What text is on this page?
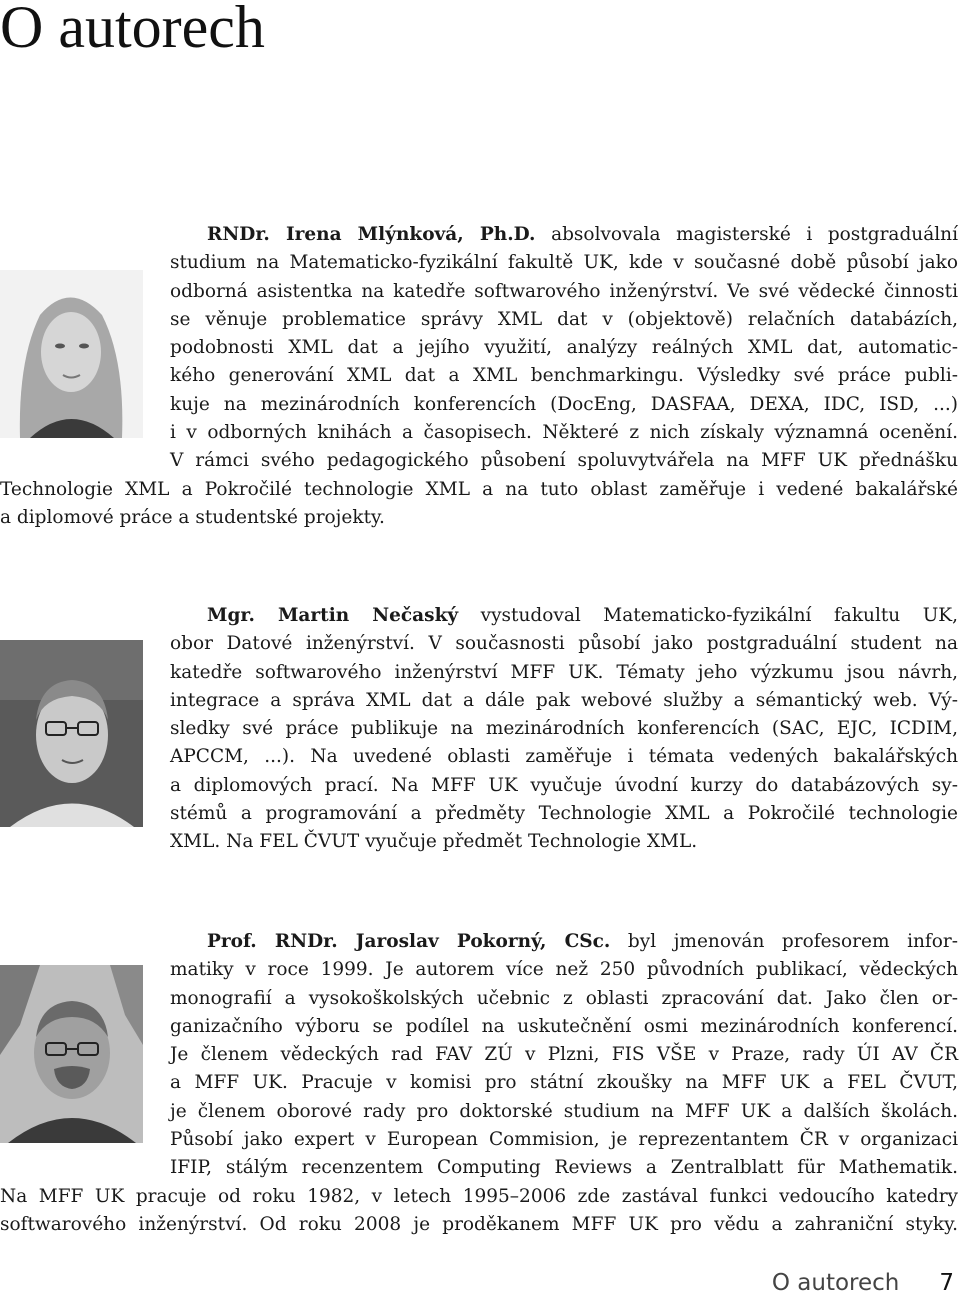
O autorech
RNDr. Irena Mlýnková, Ph.D. absolvovala magisterské i postgraduální
studium na Matematicko-fyzikální fakultě UK, kde v současné době působí jako
odborná asistentka na katedře softwarového inženýrství. Ve své vědecké činnosti
se věnuje problematice správy XML dat v (objektově) relačních databázích,
podobnosti XML dat a jejího využití, analýzy reálných XML dat, automatic-
kého generování XML dat a XML benchmarkingu. Výsledky své práce publi-
kuje na mezinárodních konferencích (DocEng, DASFAA, DEXA, IDC, ISD, ...)
i v odborných knihách a časopisech. Některé z nich získaly významná ocenění.
V rámci svého pedagogického působení spoluvytvářela na MFF UK přednášku
Technologie XML a Pokročilé technologie XML a na tuto oblast zaměřuje i vedené bakalářské
a diplomové práce a studentské projekty.
Mgr. Martin Nečaský vystudoval Matematicko-fyzikální fakultu UK,
obor Datové inženýrství. V současnosti působí jako postgraduální student na
katedře softwarového inženýrství MFF UK. Tématy jeho výzkumu jsou návrh,
integrace a správa XML dat a dále pak webové služby a sémantický web. Vý-
sledky své práce publikuje na mezinárodních konferencích (SAC, EJC, ICDIM,
APCCM, ...). Na uvedené oblasti zaměřuje i témata vedených bakalářských
a diplomových prací. Na MFF UK vyučuje úvodní kurzy do databázových sy-
stémů a programování a předměty Technologie XML a Pokročilé technologie
XML. Na FEL ČVUT vyučuje předmět Technologie XML.
Prof. RNDr. Jaroslav Pokorný, CSc. byl jmenován profesorem infor-
matiky v roce 1999. Je autorem více než 250 původních publikací, vědeckých
monografií a vysokoškolských učebnic z oblasti zpracování dat. Jako člen or-
ganizačního výboru se podílel na uskutečnění osmi mezinárodních konferencí.
Je členem vědeckých rad FAV ZÚ v Plzni, FIS VŠE v Praze, rady ÚI AV ČR
a MFF UK. Pracuje v komisi pro státní zkoušky na MFF UK a FEL ČVUT,
je členem oborové rady pro doktorské studium na MFF UK a dalších školách.
Působí jako expert v European Commision, je reprezentantem ČR v organizaci
IFIP, stálým recenzentem Computing Reviews a Zentralblatt für Mathematik.
Na MFF UK pracuje od roku 1982, v letech 1995–2006 zde zastával funkci vedoucího katedry
softwarového inženýrství. Od roku 2008 je proděkanem MFF UK pro vědu a zahraniční styky.
O autorech 7
